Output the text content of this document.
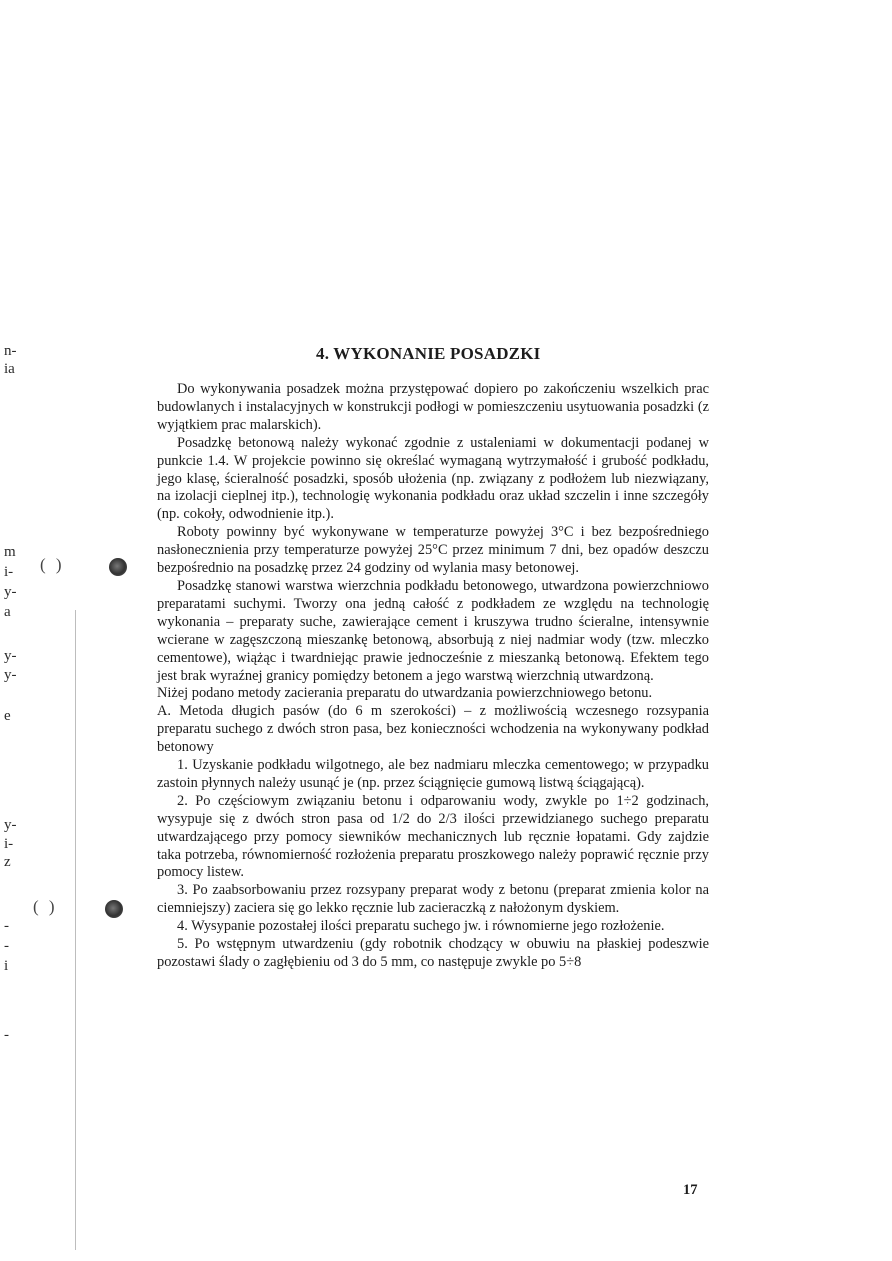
n-
ia
m
i-
y-
a
y-
y-
e
y-
i-
z
-
-
i
-
( )
( )
4. WYKONANIE POSADZKI

Do wykonywania posadzek można przystępować dopiero po zakończeniu wszelkich prac budowlanych i instalacyjnych w konstrukcji podłogi w pomieszczeniu usytuowania posadzki (z wyjątkiem prac malarskich).

Posadzkę betonową należy wykonać zgodnie z ustaleniami w dokumentacji podanej w punkcie 1.4. W projekcie powinno się określać wymaganą wytrzymałość i grubość podkładu, jego klasę, ścieralność posadzki, sposób ułożenia (np. związany z podłożem lub niezwiązany, na izolacji cieplnej itp.), technologię wykonania podkładu oraz układ szczelin i inne szczegóły (np. cokoły, odwodnienie itp.).

Roboty powinny być wykonywane w temperaturze powyżej 3°C i bez bezpośredniego nasłonecznienia przy temperaturze powyżej 25°C przez minimum 7 dni, bez opadów deszczu bezpośrednio na posadzkę przez 24 godziny od wylania masy betonowej.

Posadzkę stanowi warstwa wierzchnia podkładu betonowego, utwardzona powierzchniowo preparatami suchymi. Tworzy ona jedną całość z podkładem ze względu na technologię wykonania – preparaty suche, zawierające cement i kruszywa trudno ścieralne, intensywnie wcierane w zagęszczoną mieszankę betonową, absorbują z niej nadmiar wody (tzw. mleczko cementowe), wiążąc i twardniejąc prawie jednocześnie z mieszanką betonową. Efektem tego jest brak wyraźnej granicy pomiędzy betonem a jego warstwą wierzchnią utwardzoną.

Niżej podano metody zacierania preparatu do utwardzania powierzchniowego betonu.

A. Metoda długich pasów (do 6 m szerokości) – z możliwością wczesnego rozsypania preparatu suchego z dwóch stron pasa, bez konieczności wchodzenia na wykonywany podkład betonowy

1. Uzyskanie podkładu wilgotnego, ale bez nadmiaru mleczka cementowego; w przypadku zastoin płynnych należy usunąć je (np. przez ściągnięcie gumową listwą ściągającą).

2. Po częściowym związaniu betonu i odparowaniu wody, zwykle po 1÷2 godzinach, wysypuje się z dwóch stron pasa od 1/2 do 2/3 ilości przewidzianego suchego preparatu utwardzającego przy pomocy siewników mechanicznych lub ręcznie łopatami. Gdy zajdzie taka potrzeba, równomierność rozłożenia preparatu proszkowego należy poprawić ręcznie przy pomocy listew.

3. Po zaabsorbowaniu przez rozsypany preparat wody z betonu (preparat zmienia kolor na ciemniejszy) zaciera się go lekko ręcznie lub zacieraczką z nałożonym dyskiem.

4. Wysypanie pozostałej ilości preparatu suchego jw. i równomierne jego rozłożenie.

5. Po wstępnym utwardzeniu (gdy robotnik chodzący w obuwiu na płaskiej podeszwie pozostawi ślady o zagłębieniu od 3 do 5 mm, co następuje zwykle po 5÷8

17
